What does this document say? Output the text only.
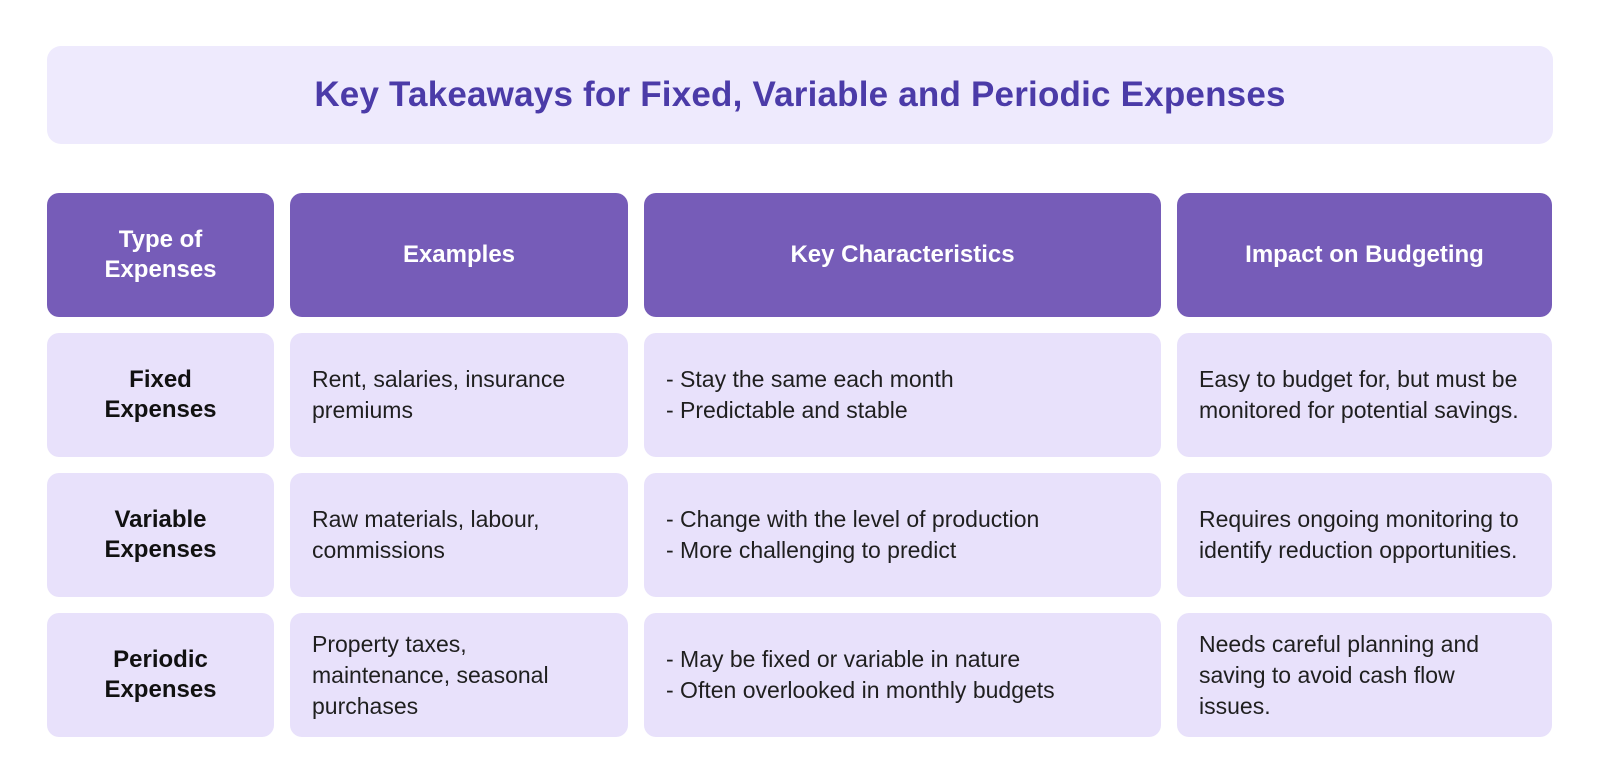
Key Takeaways for Fixed, Variable and Periodic Expenses
Type of Expenses
Examples	Key Characteristics	Impact on Budgeting
Fixed Expenses
Rent, salaries, insurance premiums
- Stay the same each month
- Predictable and stable
Easy to budget for, but must be monitored for potential savings.
Variable Expenses
Raw materials, labour, commissions
- Change with the level of production
- More challenging to predict
Requires ongoing monitoring to identify reduction opportunities.
Periodic Expenses
Property taxes, maintenance, seasonal purchases
- May be fixed or variable in nature
- Often overlooked in monthly budgets
Needs careful planning and saving to avoid cash flow issues.
